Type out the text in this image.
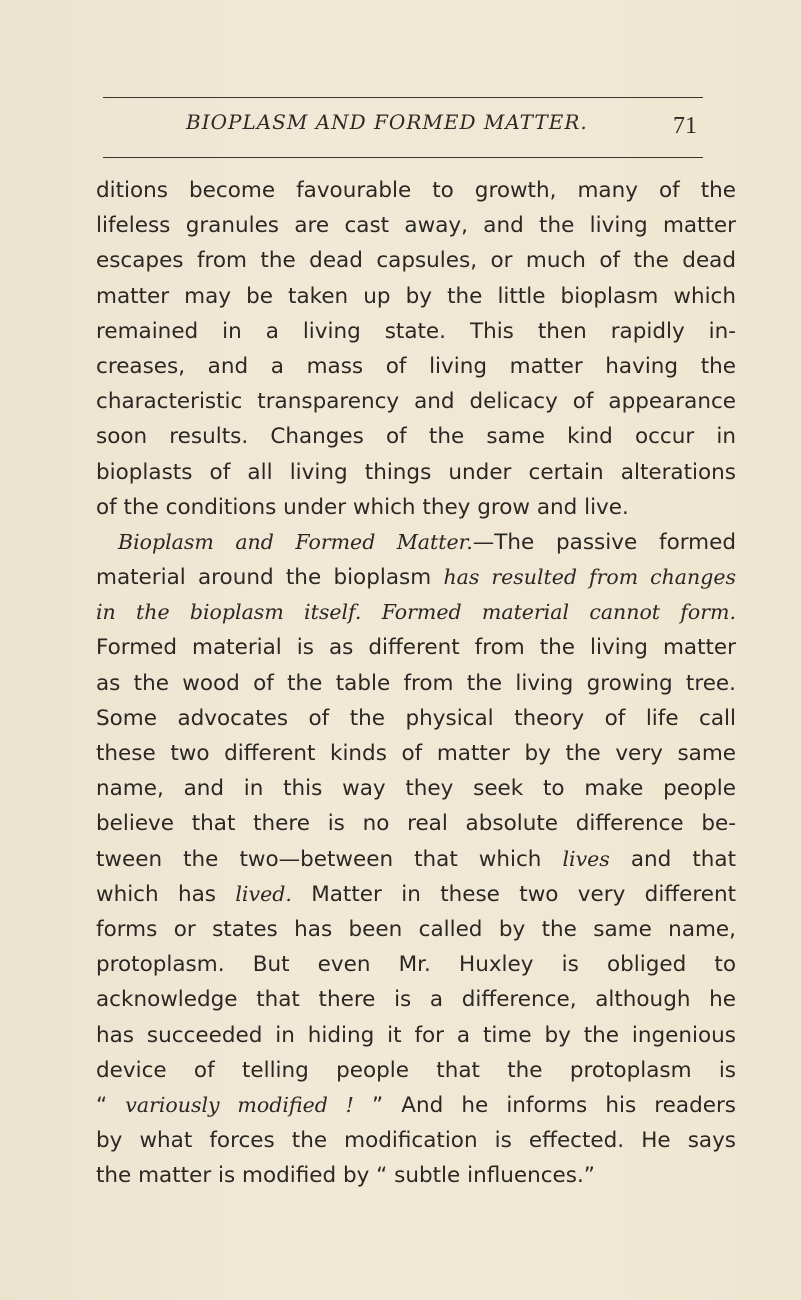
BIOPLASM AND FORMED MATTER.	71
ditions become favourable to growth, many of the
lifeless granules are cast away, and the living matter
escapes from the dead capsules, or much of the dead
matter may be taken up by the little bioplasm which
remained in a living state. This then rapidly in-
creases, and a mass of living matter having the
characteristic transparency and delicacy of appearance
soon results. Changes of the same kind occur in
bioplasts of all living things under certain alterations
of the conditions under which they grow and live.
Bioplasm and Formed Matter.—The passive formed
material around the bioplasm has resulted from changes
in the bioplasm itself. Formed material cannot form.
Formed material is as different from the living matter
as the wood of the table from the living growing tree.
Some advocates of the physical theory of life call
these two different kinds of matter by the very same
name, and in this way they seek to make people
believe that there is no real absolute difference be-
tween the two—between that which lives and that
which has lived. Matter in these two very different
forms or states has been called by the same name,
protoplasm. But even Mr. Huxley is obliged to
acknowledge that there is a difference, although he
has succeeded in hiding it for a time by the ingenious
device of telling people that the protoplasm is
“ variously modified ! ” And he informs his readers
by what forces the modification is effected. He says
the matter is modified by “ subtle influences.”
